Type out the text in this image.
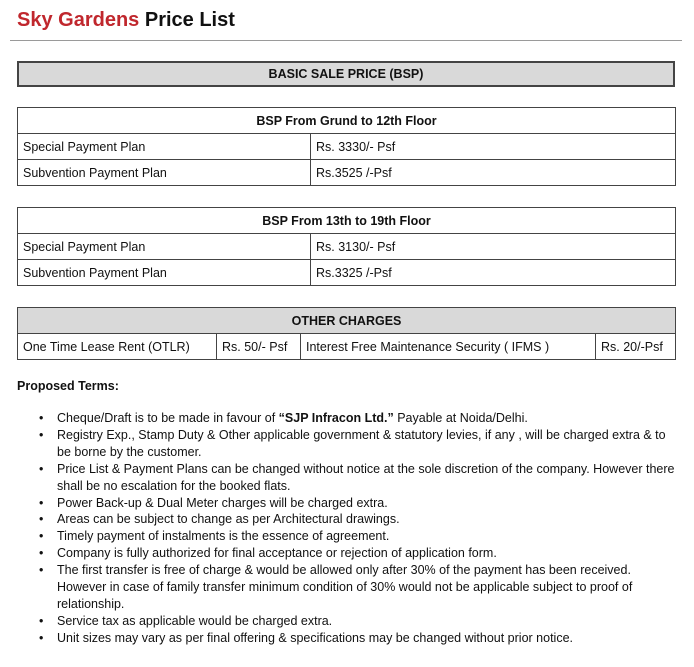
Sky Gardens Price List
BASIC SALE PRICE (BSP)
BSP From Grund to 12th Floor	
Special Payment Plan	Rs. 3330/- Psf
Subvention Payment Plan	Rs.3525 /-Psf
BSP From 13th to 19th Floor	
Special Payment Plan	Rs. 3130/- Psf
Subvention Payment Plan	Rs.3325 /-Psf
OTHER CHARGES
One Time Lease Rent (OTLR)	Rs. 50/- Psf	Interest Free Maintenance Security ( IFMS )	Rs. 20/-Psf

Proposed Terms:

• Cheque/Draft is to be made in favour of “SJP Infracon Ltd.” Payable at Noida/Delhi.
• Registry Exp., Stamp Duty & Other applicable government & statutory levies, if any , will be charged extra & to be borne by the customer.
• Price List & Payment Plans can be changed without notice at the sole discretion of the company. However there shall be no escalation for the booked flats.
• Power Back-up & Dual Meter charges will be charged extra.
• Areas can be subject to change as per Architectural drawings.
• Timely payment of instalments is the essence of agreement.
• Company is fully authorized for final acceptance or rejection of application form.
• The first transfer is free of charge & would be allowed only after 30% of the payment has been received. However in case of family transfer minimum condition of 30% would not be applicable subject to proof of relationship.
• Service tax as applicable would be charged extra.
• Unit sizes may vary as per final offering & specifications may be changed without prior notice.
